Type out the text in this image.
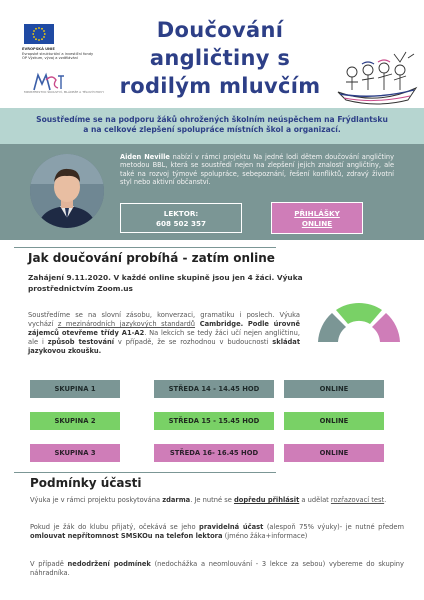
EVROPSKÁ UNIE
Evropské strukturální a investiční fondy
OP Výzkum, vývoj a vzdělávání
MINISTERSTVO ŠKOLSTVÍ, MLÁDEŽE A TĚLOVÝCHOVY
Doučování
angličtiny s
rodilým mluvčím
Soustředíme se na podporu žáků ohrožených školním neúspěchem na Frýdlantsku
a na celkové zlepšení spolupráce místních škol a organizací.
Aiden Neville nabízí v rámci projektu Na jedné lodi dětem doučování angličtiny metodou BBL, která se soustředí nejen na zlepšení jejich znalostí angličtiny, ale také na rozvoj týmové spolupráce, sebepoznání, řešení konfliktů, zdravý životní styl nebo aktivní občanství.
LEKTOR:
608 502 357
PŘIHLÁŠKY
ONLINE
Jak doučování probíhá - zatím online
Zahájení 9.11.2020. V každé online skupině jsou jen 4 žáci. Výuka prostřednictvím Zoom.us
Soustředíme se na slovní zásobu, konverzaci, gramatiku i poslech. Výuka vychází z mezinárodních jazykových standardů Cambridge. Podle úrovně zájemců otevřeme třídy A1-A2. Na lekcích se tedy žáci učí nejen angličtinu, ale i způsob testování v případě, že se rozhodnou v budoucnosti skládat jazykovou zkoušku.
SKUPINA 1	STŘEDA 14 - 14.45 HOD	ONLINE
SKUPINA 2	STŘEDA 15 - 15.45 HOD	ONLINE
SKUPINA 3	STŘEDA 16- 16.45 HOD	ONLINE
Podmínky účasti
Výuka je v rámci projektu poskytována zdarma. Je nutné se dopředu přihlásit a udělat rozřazovací test.
Pokud je žák do klubu přijatý, očekává se jeho pravidelná účast (alespoň 75% výuky)- je nutné předem omlouvat nepřítomnost SMSKOu na telefon lektora (jméno žáka+informace)
V případě nedodržení podmínek (nedochážka a neomlouvání - 3 lekce za sebou) vybereme do skupiny náhradníka.
